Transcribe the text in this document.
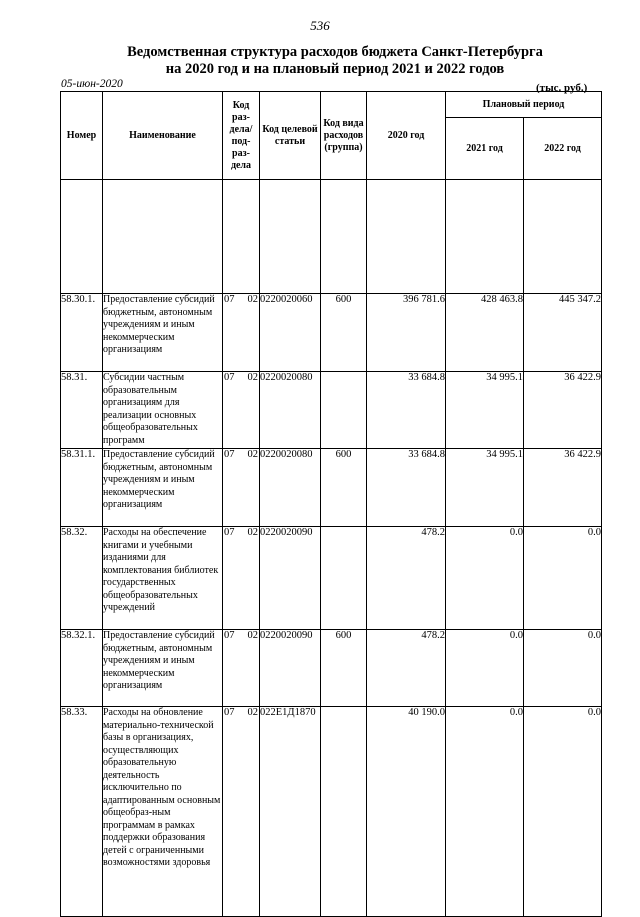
536
Ведомственная структура расходов бюджета Санкт-Петербурга
на 2020 год и на плановый период 2021 и 2022 годов
05-июн-2020	(тыс. руб.)
Номер	Наименование	Код раз-дела/ под-раз-дела	Код целевой статьи	Код вида расходов (группа)	2020 год	Плановый период	
						2021 год	2022 год

58.30.1.	Предоставление субсидий бюджетным, автономным учреждениям и иным некоммерческим организациям	07 02	0220020060	600	396 781.6	428 463.8	445 347.2
58.31.	Субсидии частным образовательным организациям для реализации основных общеобразовательных программ	07 02	0220020080		33 684.8	34 995.1	36 422.9
58.31.1.	Предоставление субсидий бюджетным, автономным учреждениям и иным некоммерческим организациям	07 02	0220020080	600	33 684.8	34 995.1	36 422.9
58.32.	Расходы на обеспечение книгами и учебными изданиями для комплектования библиотек государственных общеобразовательных учреждений	07 02	0220020090		478.2	0.0	0.0
58.32.1.	Предоставление субсидий бюджетным, автономным учреждениям и иным некоммерческим организациям	07 02	0220020090	600	478.2	0.0	0.0
58.33.	Расходы на обновление материально-технической базы в организациях, осуществляющих образовательную деятельность исключительно по адаптированным основным общеобраз-ным программам в рамках поддержки образования детей с ограниченными возможностями здоровья	07 02	022Е1Д1870		40 190.0	0.0	0.0
